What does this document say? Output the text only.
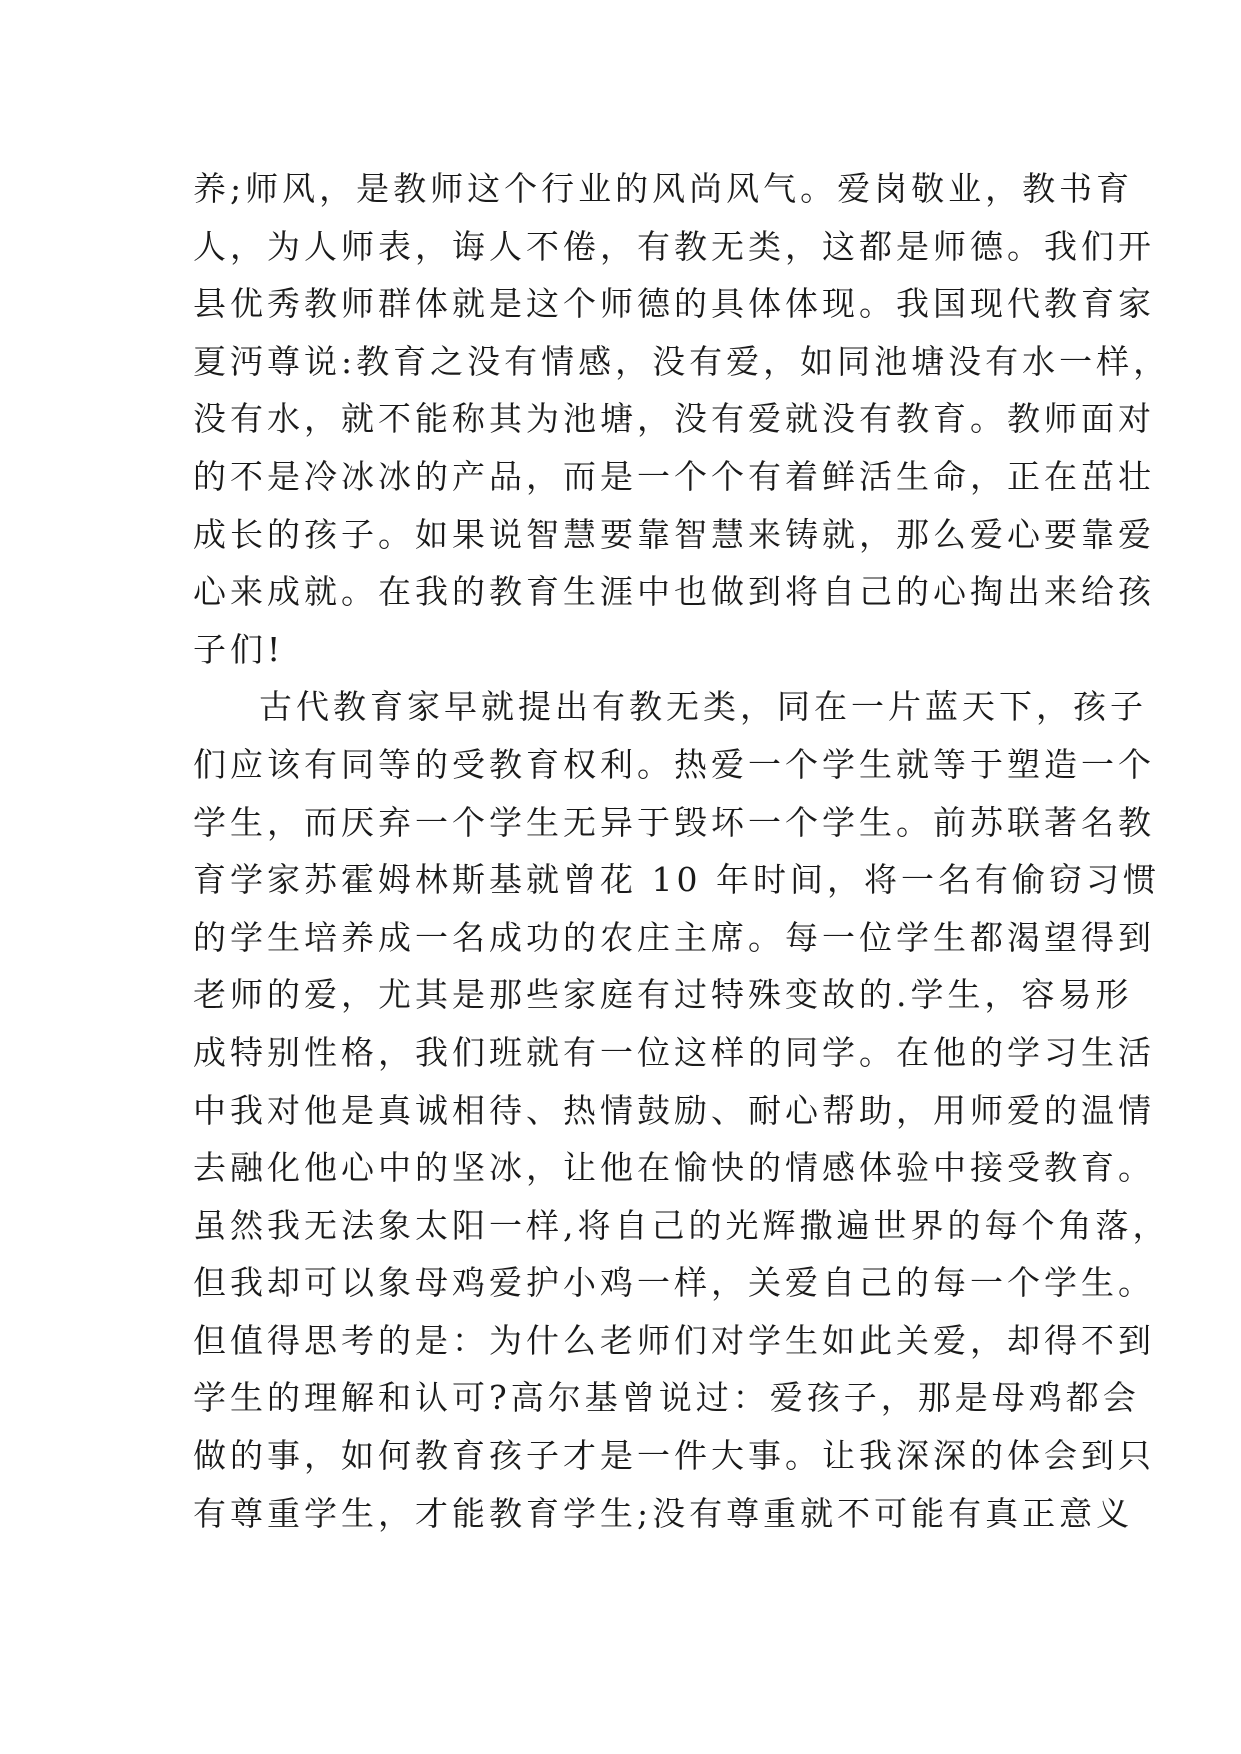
养;师风，是教师这个行业的风尚风气。爱岗敬业，教书育
人，为人师表，诲人不倦，有教无类，这都是师德。我们开
县优秀教师群体就是这个师德的具体体现。我国现代教育家
夏沔尊说:教育之没有情感，没有爱，如同池塘没有水一样，
没有水，就不能称其为池塘，没有爱就没有教育。教师面对
的不是冷冰冰的产品，而是一个个有着鲜活生命，正在茁壮
成长的孩子。如果说智慧要靠智慧来铸就，那么爱心要靠爱
心来成就。在我的教育生涯中也做到将自己的心掏出来给孩
子们!
古代教育家早就提出有教无类，同在一片蓝天下，孩子
们应该有同等的受教育权利。热爱一个学生就等于塑造一个
学生，而厌弃一个学生无异于毁坏一个学生。前苏联著名教
育学家苏霍姆林斯基就曾花 10 年时间，将一名有偷窃习惯
的学生培养成一名成功的农庄主席。每一位学生都渴望得到
老师的爱，尤其是那些家庭有过特殊变故的.学生，容易形
成特别性格，我们班就有一位这样的同学。在他的学习生活
中我对他是真诚相待、热情鼓励、耐心帮助，用师爱的温情
去融化他心中的坚冰，让他在愉快的情感体验中接受教育。
虽然我无法象太阳一样,将自己的光辉撒遍世界的每个角落，
但我却可以象母鸡爱护小鸡一样，关爱自己的每一个学生。
但值得思考的是：为什么老师们对学生如此关爱，却得不到
学生的理解和认可?高尔基曾说过：爱孩子，那是母鸡都会
做的事，如何教育孩子才是一件大事。让我深深的体会到只
有尊重学生，才能教育学生;没有尊重就不可能有真正意义
